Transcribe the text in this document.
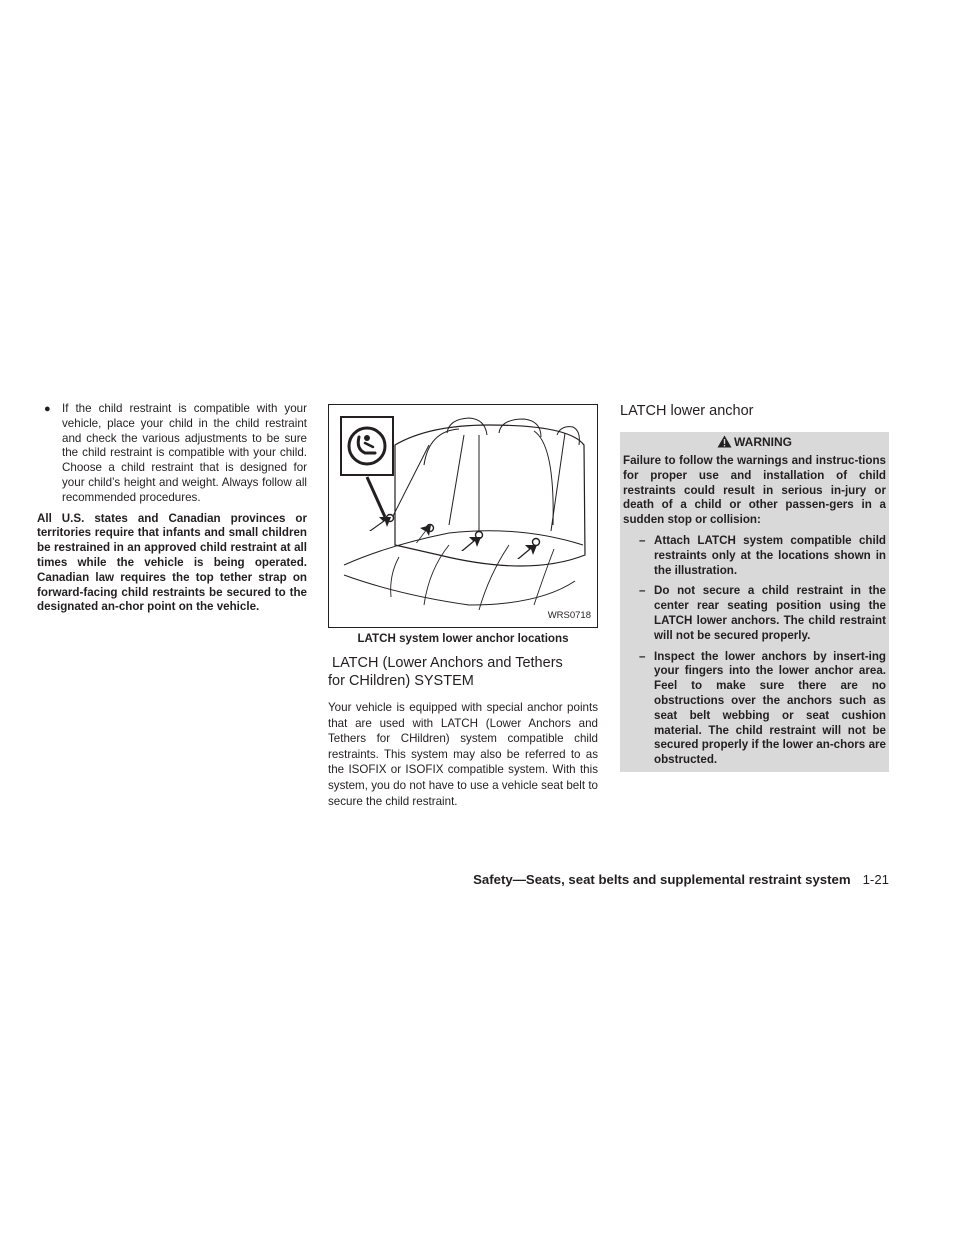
● If the child restraint is compatible with your vehicle, place your child in the child restraint and check the various adjustments to be sure the child restraint is compatible with your child. Choose a child restraint that is designed for your child’s height and weight. Always follow all recommended procedures.
All U.S. states and Canadian provinces or territories require that infants and small children be restrained in an approved child restraint at all times while the vehicle is being operated. Canadian law requires the top tether strap on forward-facing child restraints be secured to the designated an-chor point on the vehicle.
WRS0718
LATCH system lower anchor locations
LATCH (Lower Anchors and Tethers
for CHildren) SYSTEM
Your vehicle is equipped with special anchor points that are used with LATCH (Lower Anchors and Tethers for CHildren) system compatible child restraints. This system may also be referred to as the ISOFIX or ISOFIX compatible system. With this system, you do not have to use a vehicle seat belt to secure the child restraint.
LATCH lower anchor
WARNING
Failure to follow the warnings and instruc-tions for proper use and installation of child restraints could result in serious in-jury or death of a child or other passen-gers in a sudden stop or collision:
– Attach LATCH system compatible child restraints only at the locations shown in the illustration.
– Do not secure a child restraint in the center rear seating position using the LATCH lower anchors. The child restraint will not be secured properly.
– Inspect the lower anchors by insert-ing your fingers into the lower anchor area. Feel to make sure there are no obstructions over the anchors such as seat belt webbing or seat cushion material. The child restraint will not be secured properly if the lower an-chors are obstructed.
Safety—Seats, seat belts and supplemental restraint system 1-21
